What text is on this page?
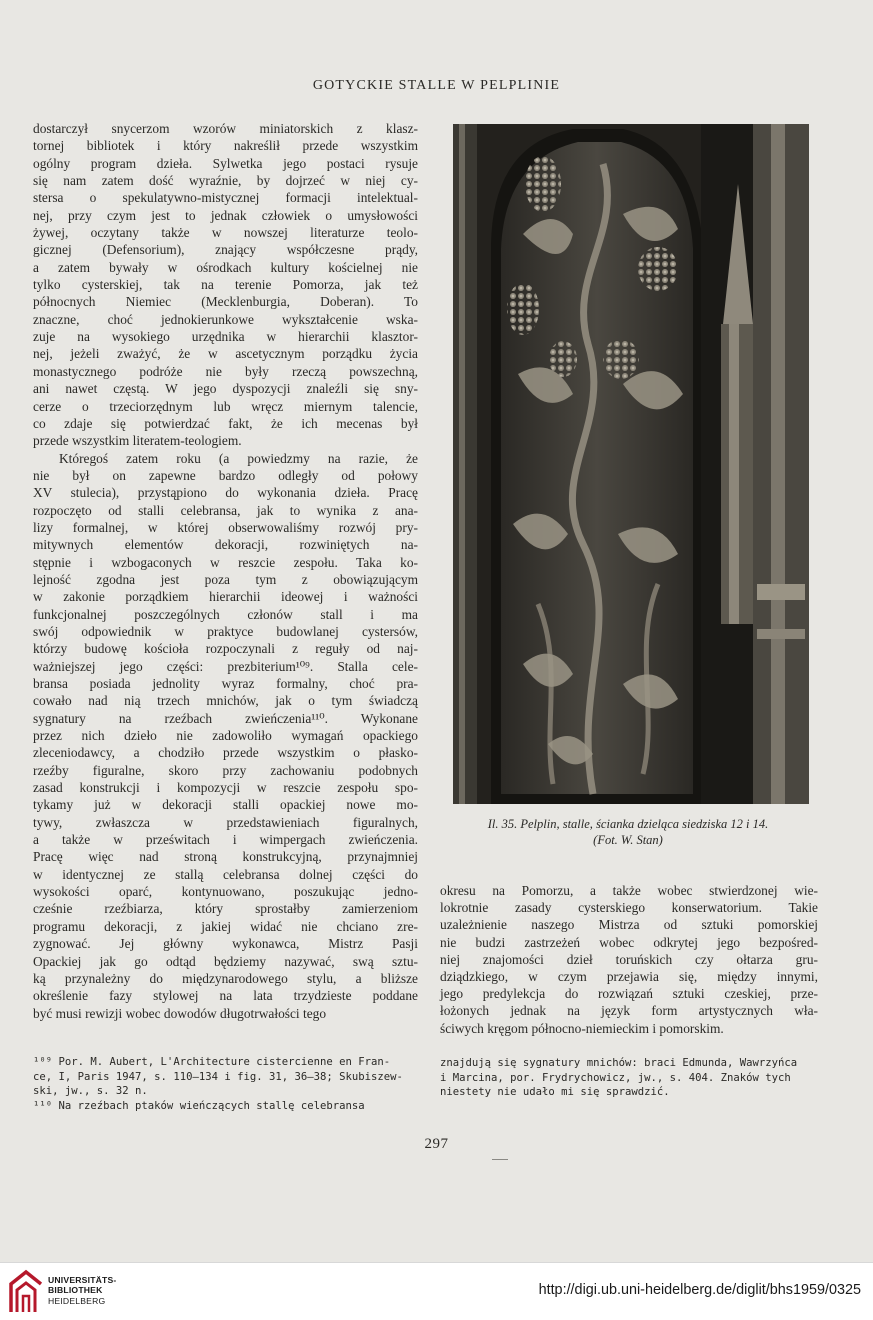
GOTYCKIE STALLE W PELPLINIE

dostarczył snycerzom wzorów miniatorskich z klasz-
tornej bibliotek i który nakreślił przede wszystkim
ogólny program dzieła. Sylwetka jego postaci rysuje
się nam zatem dość wyraźnie, by dojrzeć w niej cy-
stersa o spekulatywno-mistycznej formacji intelektual-
nej, przy czym jest to jednak człowiek o umysłowości
żywej, oczytany także w nowszej literaturze teolo-
gicznej (Defensorium), znający współczesne prądy,
a zatem bywały w ośrodkach kultury kościelnej nie
tylko cysterskiej, tak na terenie Pomorza, jak też
północnych Niemiec (Mecklenburgia, Doberan). To
znaczne, choć jednokierunkowe wykształcenie wska-
zuje na wysokiego urzędnika w hierarchii klasztor-
nej, jeżeli zważyć, że w ascetycznym porządku życia
monastycznego podróże nie były rzeczą powszechną,
ani nawet częstą. W jego dyspozycji znaleźli się sny-
cerze o trzeciorzędnym lub wręcz miernym talencie,
co zdaje się potwierdzać fakt, że ich mecenas był
przede wszystkim literatem-teologiem.

Któregoś zatem roku (a powiedzmy na razie, że
nie był on zapewne bardzo odległy od połowy
XV stulecia), przystąpiono do wykonania dzieła. Pracę
rozpoczęto od stalli celebransa, jak to wynika z ana-
lizy formalnej, w której obserwowaliśmy rozwój pry-
mitywnych elementów dekoracji, rozwiniętych na-
stępnie i wzbogaconych w reszcie zespołu. Taka ko-
lejność zgodna jest poza tym z obowiązującym
w zakonie porządkiem hierarchii ideowej i ważności
funkcjonalnej poszczególnych członów stall i ma
swój odpowiednik w praktyce budowlanej cystersów,
którzy budowę kościoła rozpoczynali z reguły od naj-
ważniejszej jego części: prezbiterium¹⁰⁹. Stalla cele-
bransa posiada jednolity wyraz formalny, choć pra-
cowało nad nią trzech mnichów, jak o tym świadczą
sygnatury na rzeźbach zwieńczenia¹¹⁰. Wykonane
przez nich dzieło nie zadowoliło wymagań opackiego
zleceniodawcy, a chodziło przede wszystkim o płasko-
rzeźby figuralne, skoro przy zachowaniu podobnych
zasad konstrukcji i kompozycji w reszcie zespołu spo-
tykamy już w dekoracji stalli opackiej nowe mo-
tywy, zwłaszcza w przedstawieniach figuralnych,
a także w prześwitach i wimpergach zwieńczenia.
Pracę więc nad stroną konstrukcyjną, przynajmniej
w identycznej ze stallą celebransa dolnej części do
wysokości oparć, kontynuowano, poszukując jedno-
cześnie rzeźbiarza, który sprostałby zamierzeniom
programu dekoracji, z jakiej widać nie chciano zre-
zygnować. Jej główny wykonawca, Mistrz Pasji
Opackiej jak go odtąd będziemy nazywać, swą sztu-
ką przynależny do międzynarodowego stylu, a bliższe
określenie fazy stylowej na lata trzydzieste poddane
być musi rewizji wobec dowodów długotrwałości tego

Il. 35. Pelplin, stalle, ścianka dzieląca siedziska 12 i 14.
(Fot. W. Stan)
okresu na Pomorzu, a także wobec stwierdzonej wie-
lokrotnie zasady cysterskiego konserwatorium. Takie
uzależnienie naszego Mistrza od sztuki pomorskiej
nie budzi zastrzeżeń wobec odkrytej jego bezpośred-
niej znajomości dzieł toruńskich czy ołtarza gru-
dziądzkiego, w czym przejawia się, między innymi,
jego predylekcja do rozwiązań sztuki czeskiej, prze-
łożonych jednak na język form artystycznych wła-
ściwych kręgom północno-niemieckim i pomorskim.
¹⁰⁹ Por. M. Aubert, L'Architecture cistercienne en Fran-
ce, I, Paris 1947, s. 110—134 i fig. 31, 36—38; Skubiszew-
ski, jw., s. 32 n.
¹¹⁰ Na rzeźbach ptaków wieńczących stallę celebransa
znajdują się sygnatury mnichów: braci Edmunda, Wawrzyńca
i Marcina, por. Frydrychowicz, jw., s. 404. Znaków tych
niestety nie udało mi się sprawdzić.
297
UNIVERSITÄTS-
BIBLIOTHEK
HEIDELBERG
http://digi.ub.uni-heidelberg.de/diglit/bhs1959/0325
